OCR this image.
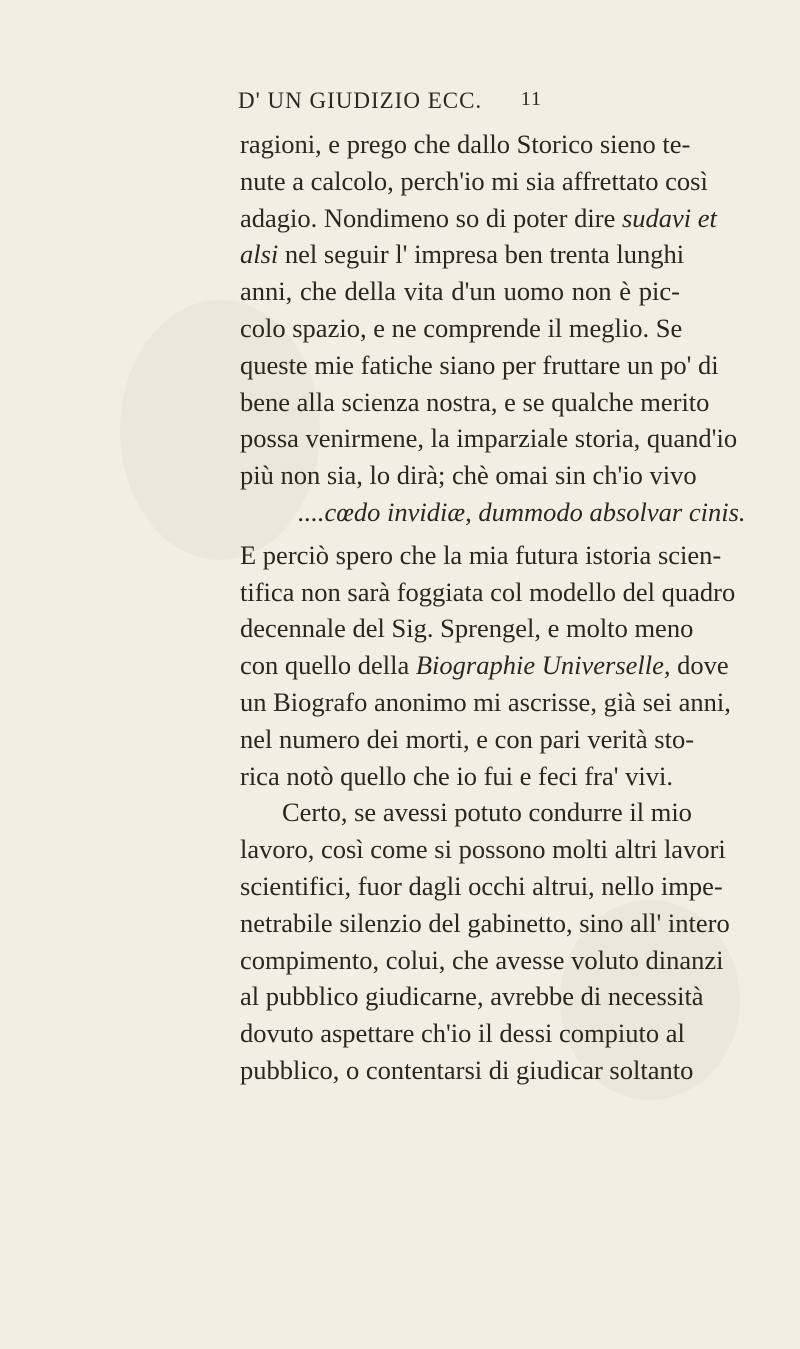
D' UN GIUDIZIO ECC. 11
ragioni, e prego che dallo Storico sieno te-
nute a calcolo, perch'io mi sia affrettato così
adagio. Nondimeno so di poter dire sudavi et
alsi nel seguir l' impresa ben trenta lunghi
anni, che della vita d'un uomo non è pic-
colo spazio, e ne comprende il meglio. Se
queste mie fatiche siano per fruttare un po' di
bene alla scienza nostra, e se qualche merito
possa venirmene, la imparziale storia, quand'io
più non sia, lo dirà; chè omai sin ch'io vivo
....cœdo invidiæ, dummodo absolvar cinis.
E perciò spero che la mia futura istoria scien-
tifica non sarà foggiata col modello del quadro
decennale del Sig. Sprengel, e molto meno
con quello della Biographie Universelle, dove
un Biografo anonimo mi ascrisse, già sei anni,
nel numero dei morti, e con pari verità sto-
rica notò quello che io fui e feci fra' vivi.
Certo, se avessi potuto condurre il mio
lavoro, così come si possono molti altri lavori
scientifici, fuor dagli occhi altrui, nello impe-
netrabile silenzio del gabinetto, sino all' intero
compimento, colui, che avesse voluto dinanzi
al pubblico giudicarne, avrebbe di necessità
dovuto aspettare ch'io il dessi compiuto al
pubblico, o contentarsi di giudicar soltanto
